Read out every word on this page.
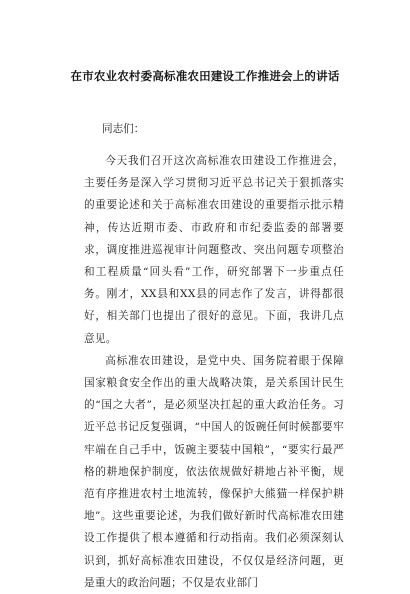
在市农业农村委高标准农田建设工作推进会上的讲话

同志们：

今天我们召开这次高标准农田建设工作推进会，主要任务是深入学习贯彻习近平总书记关于狠抓落实的重要论述和关于高标准农田建设的重要指示批示精神，传达近期市委、市政府和市纪委监委的部署要求，调度推进巡视审计问题整改、突出问题专项整治和工程质量“回头看”工作，研究部署下一步重点任务。刚才，XX县和XX县的同志作了发言，讲得都很好，相关部门也提出了很好的意见。下面，我讲几点意见。

高标准农田建设，是党中央、国务院着眼于保障国家粮食安全作出的重大战略决策，是关系国计民生的“国之大者”，是必须坚决扛起的重大政治任务。习近平总书记反复强调，“中国人的饭碗任何时候都要牢牢端在自己手中，饭碗主要装中国粮”，“要实行最严格的耕地保护制度，依法依规做好耕地占补平衡，规范有序推进农村土地流转，像保护大熊猫一样保护耕地”。这些重要论述，为我们做好新时代高标准农田建设工作提供了根本遵循和行动指南。我们必须深刻认识到，抓好高标准农田建设，不仅仅是经济问题，更是重大的政治问题；不仅是农业部门
